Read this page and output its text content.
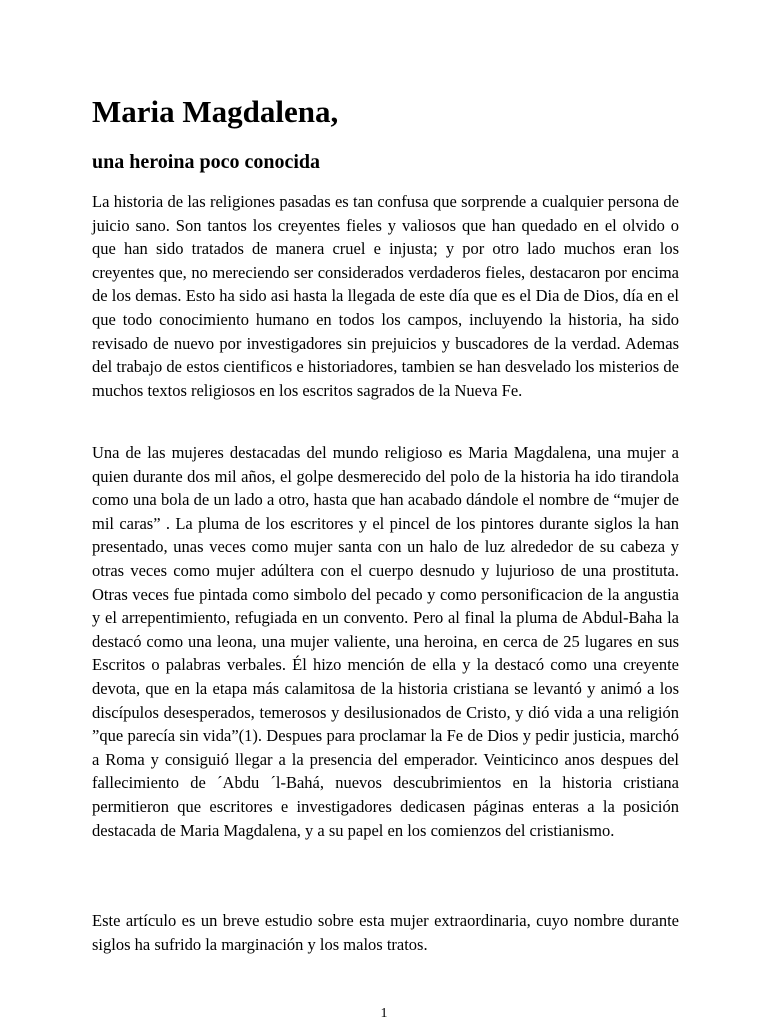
Maria Magdalena,
una heroina poco conocida

La historia de las religiones pasadas es tan confusa que sorprende a cualquier persona de juicio sano. Son tantos los creyentes fieles y valiosos que han quedado en el olvido o que han sido tratados de manera cruel e injusta; y por otro lado muchos eran los creyentes que, no mereciendo ser considerados verdaderos fieles, destacaron por encima de los demas. Esto ha sido asi hasta la llegada de este día que es el Dia de Dios, día en el que todo conocimiento humano en todos los campos, incluyendo la historia, ha sido revisado de nuevo por investigadores sin prejuicios y buscadores de la verdad. Ademas del trabajo de estos cientificos e historiadores, tambien se han desvelado los misterios de muchos textos religiosos en los escritos sagrados de la Nueva Fe.

Una de las mujeres destacadas del mundo religioso es Maria Magdalena, una mujer a quien durante dos mil años, el golpe desmerecido del polo de la historia ha ido tirandola como una bola de un lado a otro, hasta que han acabado dándole el nombre de “mujer de mil caras” . La pluma de los escritores y el pincel de los pintores durante siglos la han presentado, unas veces como mujer santa con un halo de luz alrededor de su cabeza y otras veces como mujer adúltera con el cuerpo desnudo y lujurioso de una prostituta. Otras veces fue pintada como simbolo del pecado y como personificacion de la angustia y el arrepentimiento, refugiada en un convento. Pero al final la pluma de Abdul-Baha la destacó como una leona, una mujer valiente, una heroina, en cerca de 25 lugares en sus Escritos o palabras verbales. Él hizo mención de ella y la destacó como una creyente devota, que en la etapa más calamitosa de la historia cristiana se levantó y animó a los discípulos desesperados, temerosos y desilusionados de Cristo, y dió vida a una religión ”que parecía sin vida”(1). Despues para proclamar la Fe de Dios y pedir justicia, marchó a Roma y consiguió llegar a la presencia del emperador. Veinticinco anos despues del fallecimiento de ´Abdu ´l-Bahá, nuevos descubrimientos en la historia cristiana permitieron que escritores e investigadores dedicasen páginas enteras a la posición destacada de Maria Magdalena, y a su papel en los comienzos del cristianismo.

Este artículo es un breve estudio sobre esta mujer extraordinaria, cuyo nombre durante siglos ha sufrido la marginación y los malos tratos.

1
